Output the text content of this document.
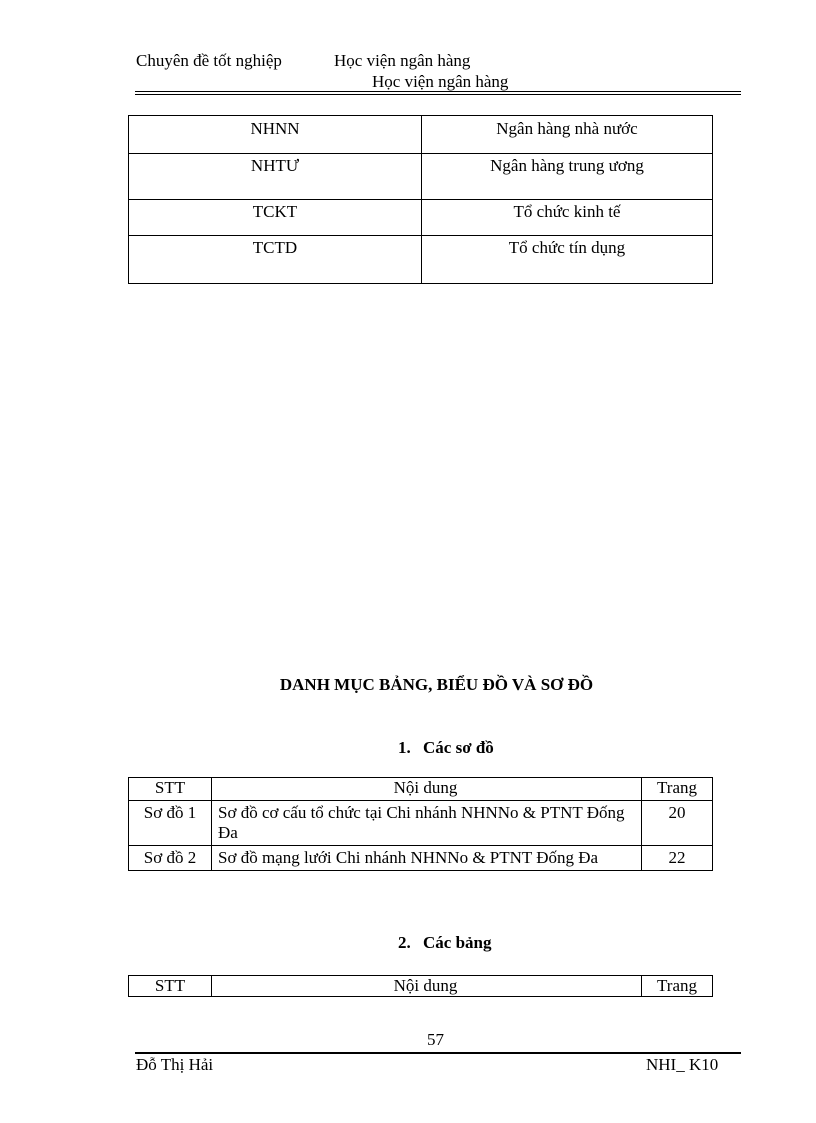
Chuyên đề tốt nghiệp	Học viện ngân hàng
Học viện ngân hàng
NHNN	Ngân hàng nhà nước
NHTƯ	Ngân hàng trung ương
TCKT	Tổ chức kinh tế
TCTD	Tổ chức tín dụng
DANH MỤC BẢNG, BIỂU ĐỒ VÀ SƠ ĐỒ
1. Các sơ đồ
STT	Nội dung	Trang
Sơ đồ 1	Sơ đồ cơ cấu tổ chức tại Chi nhánh NHNNo & PTNT Đống Đa	20
Sơ đồ 2	Sơ đồ mạng lưới Chi nhánh NHNNo & PTNT Đống Đa	22
2. Các bảng
STT	Nội dung	Trang
57
Đỗ Thị Hải	NHI_ K10
